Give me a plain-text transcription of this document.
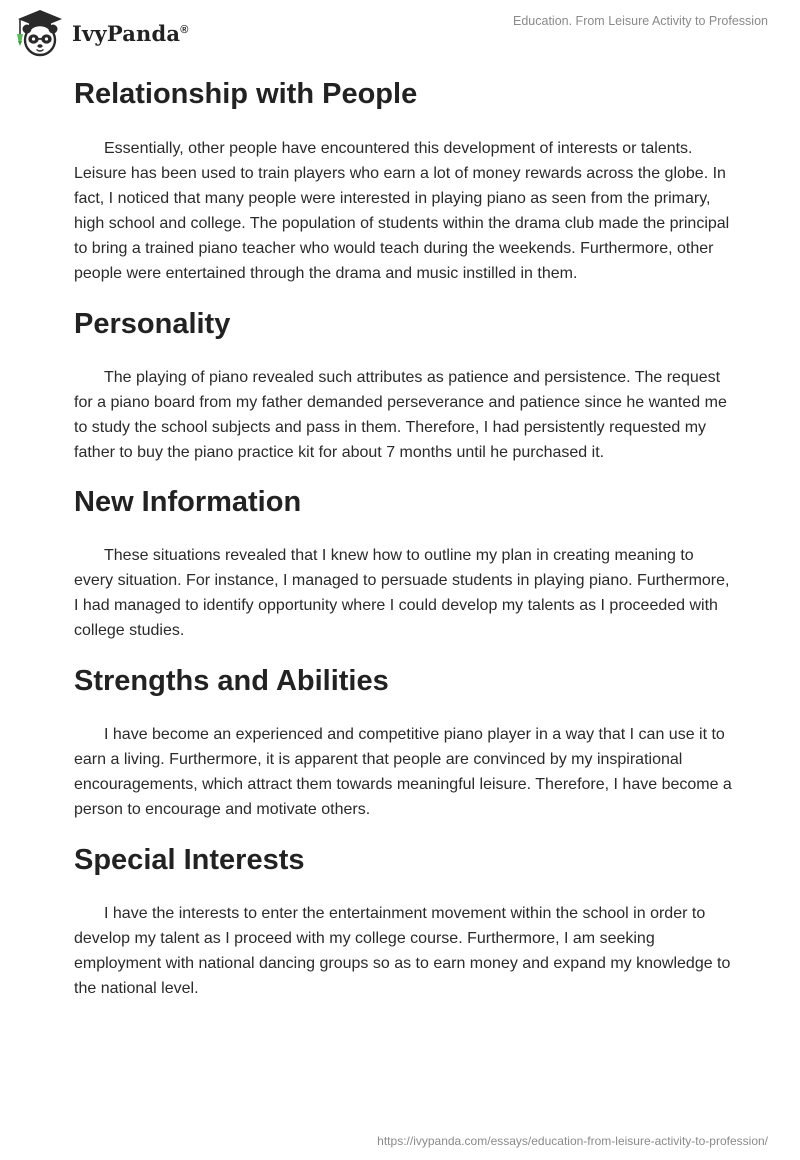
IvyPanda®
Education. From Leisure Activity to Profession
Relationship with People

Essentially, other people have encountered this development of interests or talents. Leisure has been used to train players who earn a lot of money rewards across the globe. In fact, I noticed that many people were interested in playing piano as seen from the primary, high school and college. The population of students within the drama club made the principal to bring a trained piano teacher who would teach during the weekends. Furthermore, other people were entertained through the drama and music instilled in them.

Personality

The playing of piano revealed such attributes as patience and persistence. The request for a piano board from my father demanded perseverance and patience since he wanted me to study the school subjects and pass in them. Therefore, I had persistently requested my father to buy the piano practice kit for about 7 months until he purchased it.

New Information

These situations revealed that I knew how to outline my plan in creating meaning to every situation. For instance, I managed to persuade students in playing piano. Furthermore, I had managed to identify opportunity where I could develop my talents as I proceeded with college studies.

Strengths and Abilities

I have become an experienced and competitive piano player in a way that I can use it to earn a living. Furthermore, it is apparent that people are convinced by my inspirational encouragements, which attract them towards meaningful leisure. Therefore, I have become a person to encourage and motivate others.

Special Interests

I have the interests to enter the entertainment movement within the school in order to develop my talent as I proceed with my college course. Furthermore, I am seeking employment with national dancing groups so as to earn money and expand my knowledge to the national level.

https://ivypanda.com/essays/education-from-leisure-activity-to-profession/
